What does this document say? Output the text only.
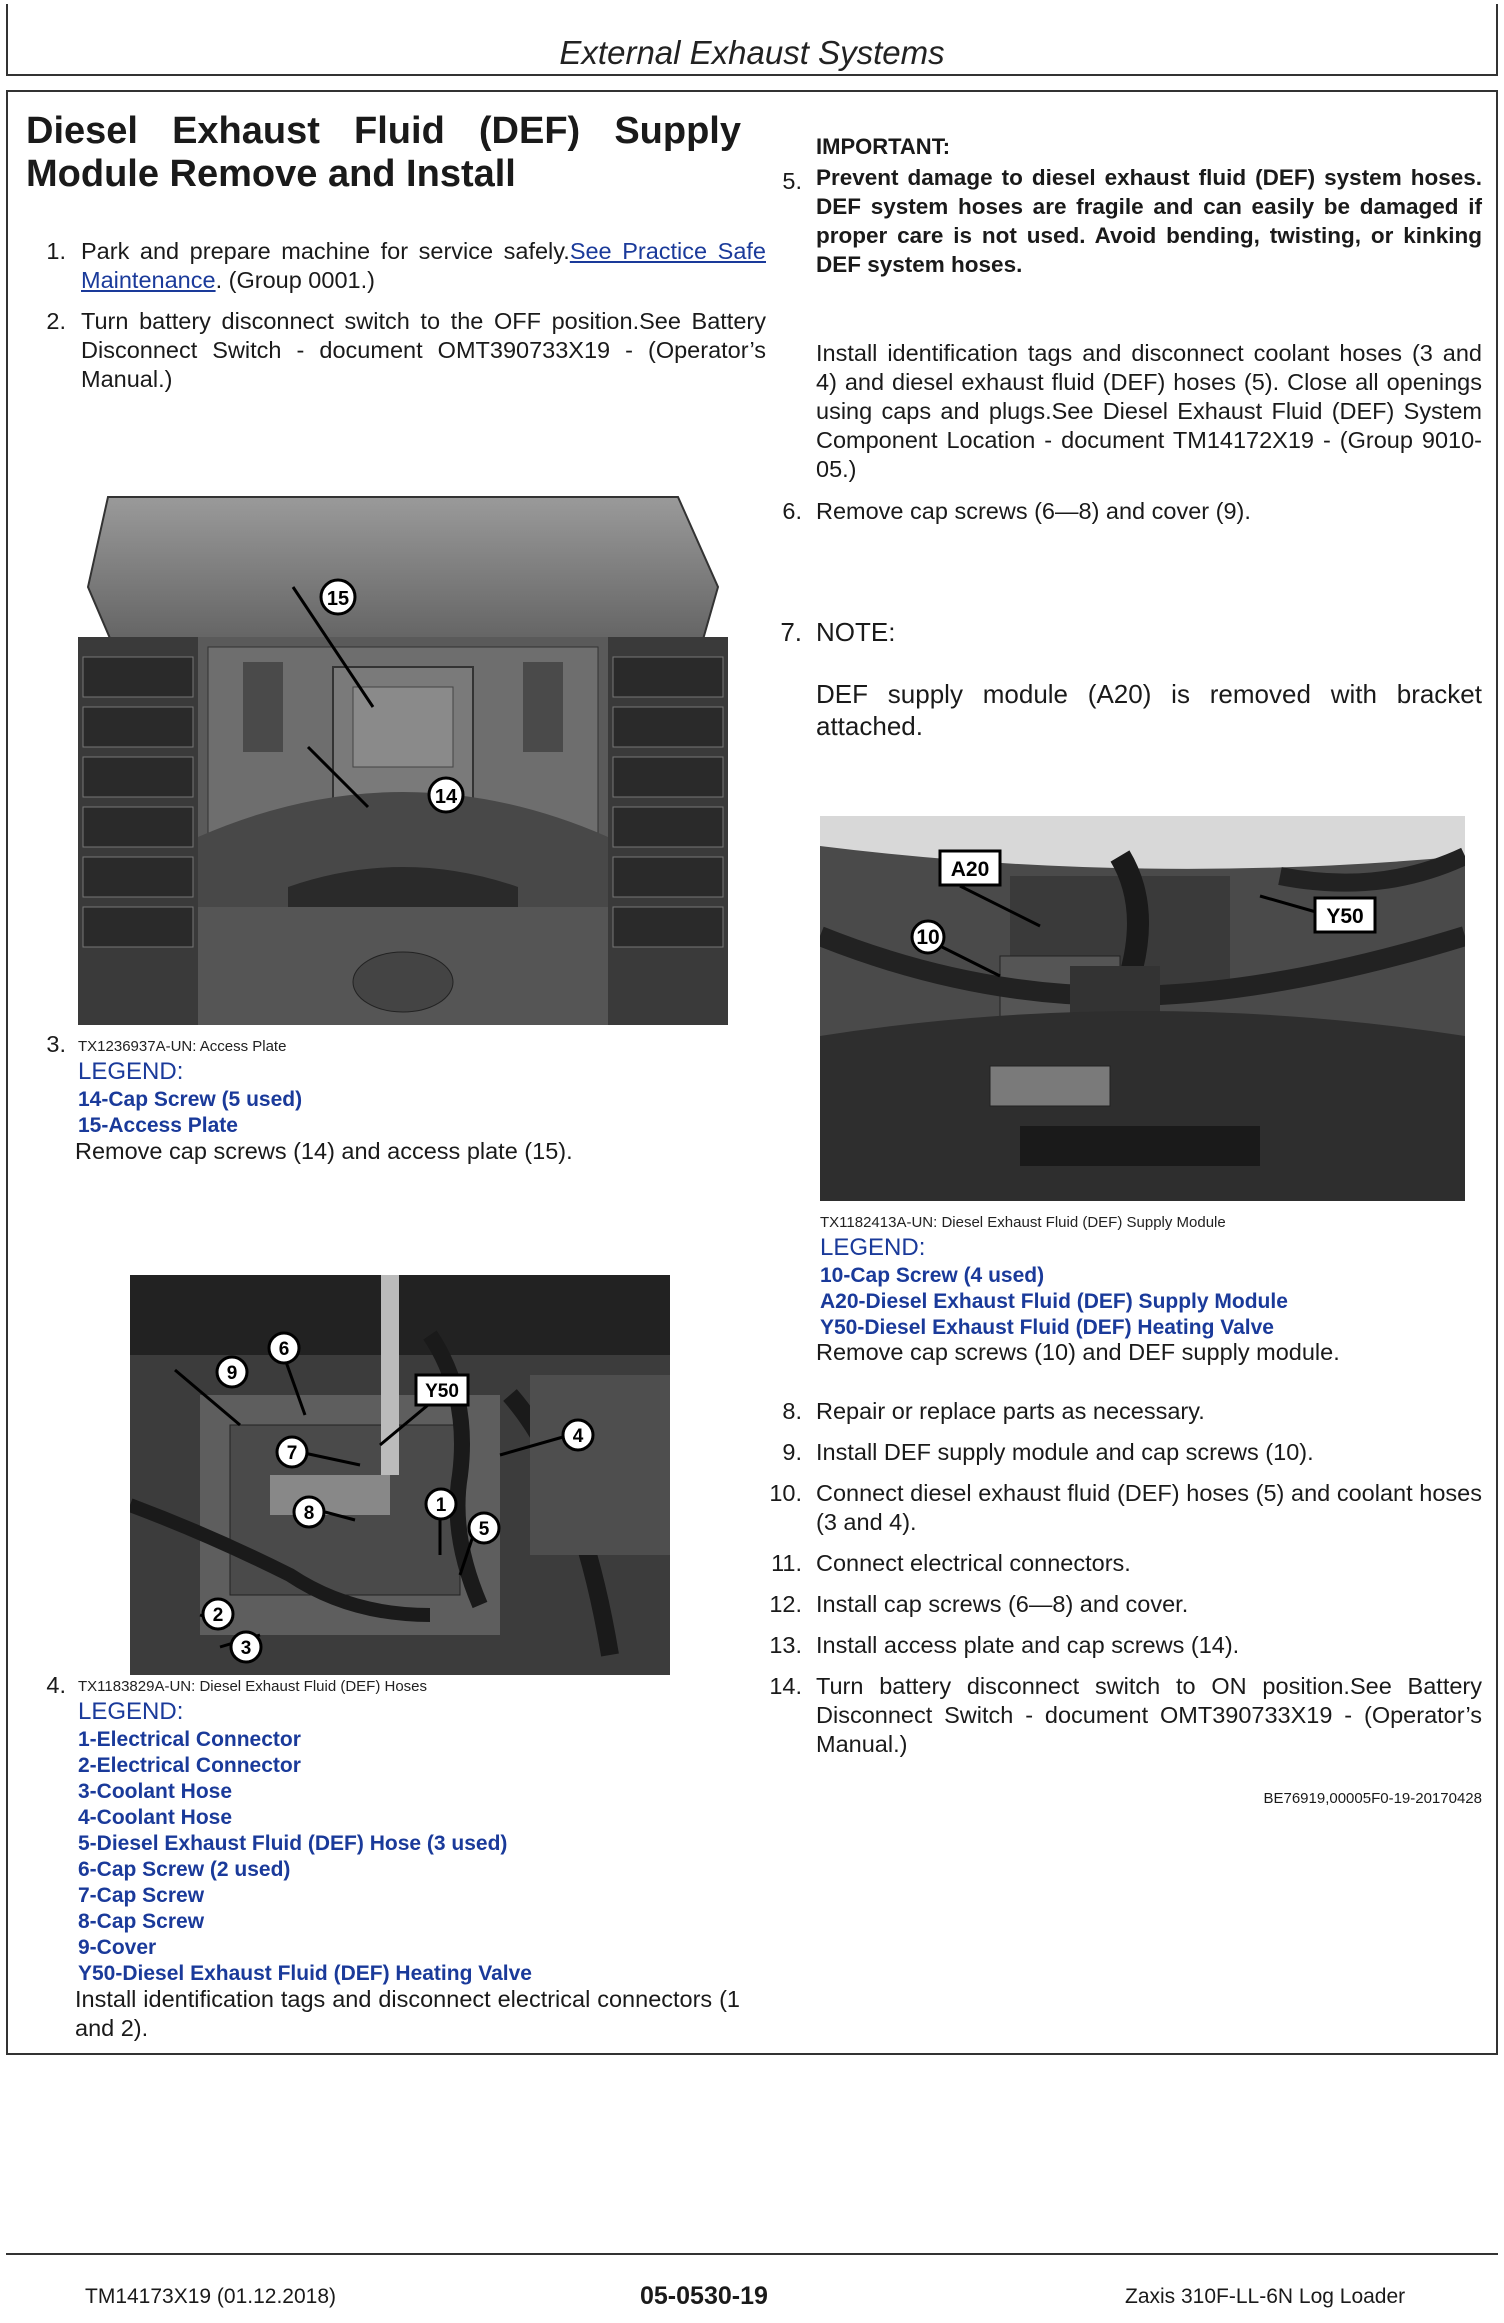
External Exhaust Systems
Diesel Exhaust Fluid (DEF) Supply Module Remove and Install
1. Park and prepare machine for service safely.See Practice Safe Maintenance. (Group 0001.)
2. Turn battery disconnect switch to the OFF position.See Battery Disconnect Switch - document OMT390733X19 - (Operator’s Manual.)
15
14
3. TX1236937A-UN: Access Plate
LEGEND:
14-Cap Screw (5 used)
15-Access Plate
Remove cap screws (14) and access plate (15).
9
6
Y50
4
7
8	1
5
2
3
4. TX1183829A-UN: Diesel Exhaust Fluid (DEF) Hoses
LEGEND:
1-Electrical Connector
2-Electrical Connector
3-Coolant Hose
4-Coolant Hose
5-Diesel Exhaust Fluid (DEF) Hose (3 used)
6-Cap Screw (2 used)
7-Cap Screw
8-Cap Screw
9-Cover
Y50-Diesel Exhaust Fluid (DEF) Heating Valve
Install identification tags and disconnect electrical connectors (1 and 2).
5.
IMPORTANT:
Prevent damage to diesel exhaust fluid (DEF) system hoses. DEF system hoses are fragile and can easily be damaged if proper care is not used. Avoid bending, twisting, or kinking DEF system hoses.
Install identification tags and disconnect coolant hoses (3 and 4) and diesel exhaust fluid (DEF) hoses (5). Close all openings using caps and plugs.See Diesel Exhaust Fluid (DEF) System Component Location - document TM14172X19 - (Group 9010-05.)
6. Remove cap screws (6—8) and cover (9).
7. NOTE:
DEF supply module (A20) is removed with bracket attached.
A20
10
Y50
TX1182413A-UN: Diesel Exhaust Fluid (DEF) Supply Module
LEGEND:
10-Cap Screw (4 used)
A20-Diesel Exhaust Fluid (DEF) Supply Module
Y50-Diesel Exhaust Fluid (DEF) Heating Valve
Remove cap screws (10) and DEF supply module.
8. Repair or replace parts as necessary.
9. Install DEF supply module and cap screws (10).
10. Connect diesel exhaust fluid (DEF) hoses (5) and coolant hoses (3 and 4).
11. Connect electrical connectors.
12. Install cap screws (6—8) and cover.
13. Install access plate and cap screws (14).
14. Turn battery disconnect switch to ON position.See Battery Disconnect Switch - document OMT390733X19 - (Operator’s Manual.)
BE76919,00005F0-19-20170428
TM14173X19 (01.12.2018)	05-0530-19	Zaxis 310F-LL-6N Log Loader
